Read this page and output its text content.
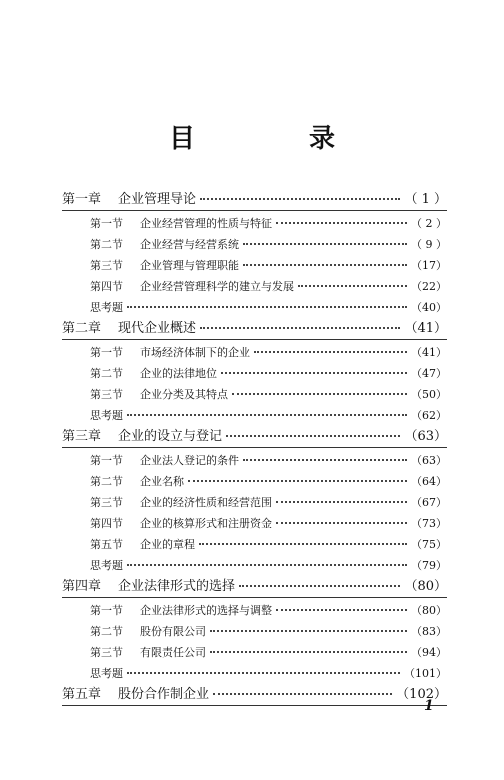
目　录
第一章	企业管理导论	（ 1 ）
第一节	企业经营管理的性质与特征	（ 2 ）
第二节	企业经营与经营系统	（ 9 ）
第三节	企业管理与管理职能	（17）
第四节	企业经营管理科学的建立与发展	（22）
思考题	（40）
第二章	现代企业概述	（41）
第一节	市场经济体制下的企业	（41）
第二节	企业的法律地位	（47）
第三节	企业分类及其特点	（50）
思考题	（62）
第三章	企业的设立与登记	（63）
第一节	企业法人登记的条件	（63）
第二节	企业名称	（64）
第三节	企业的经济性质和经营范围	（67）
第四节	企业的核算形式和注册资金	（73）
第五节	企业的章程	（75）
思考题	（79）
第四章	企业法律形式的选择	（80）
第一节	企业法律形式的选择与调整	（80）
第二节	股份有限公司	（83）
第三节	有限责任公司	（94）
思考题	（101）
第五章	股份合作制企业	（102）
1
